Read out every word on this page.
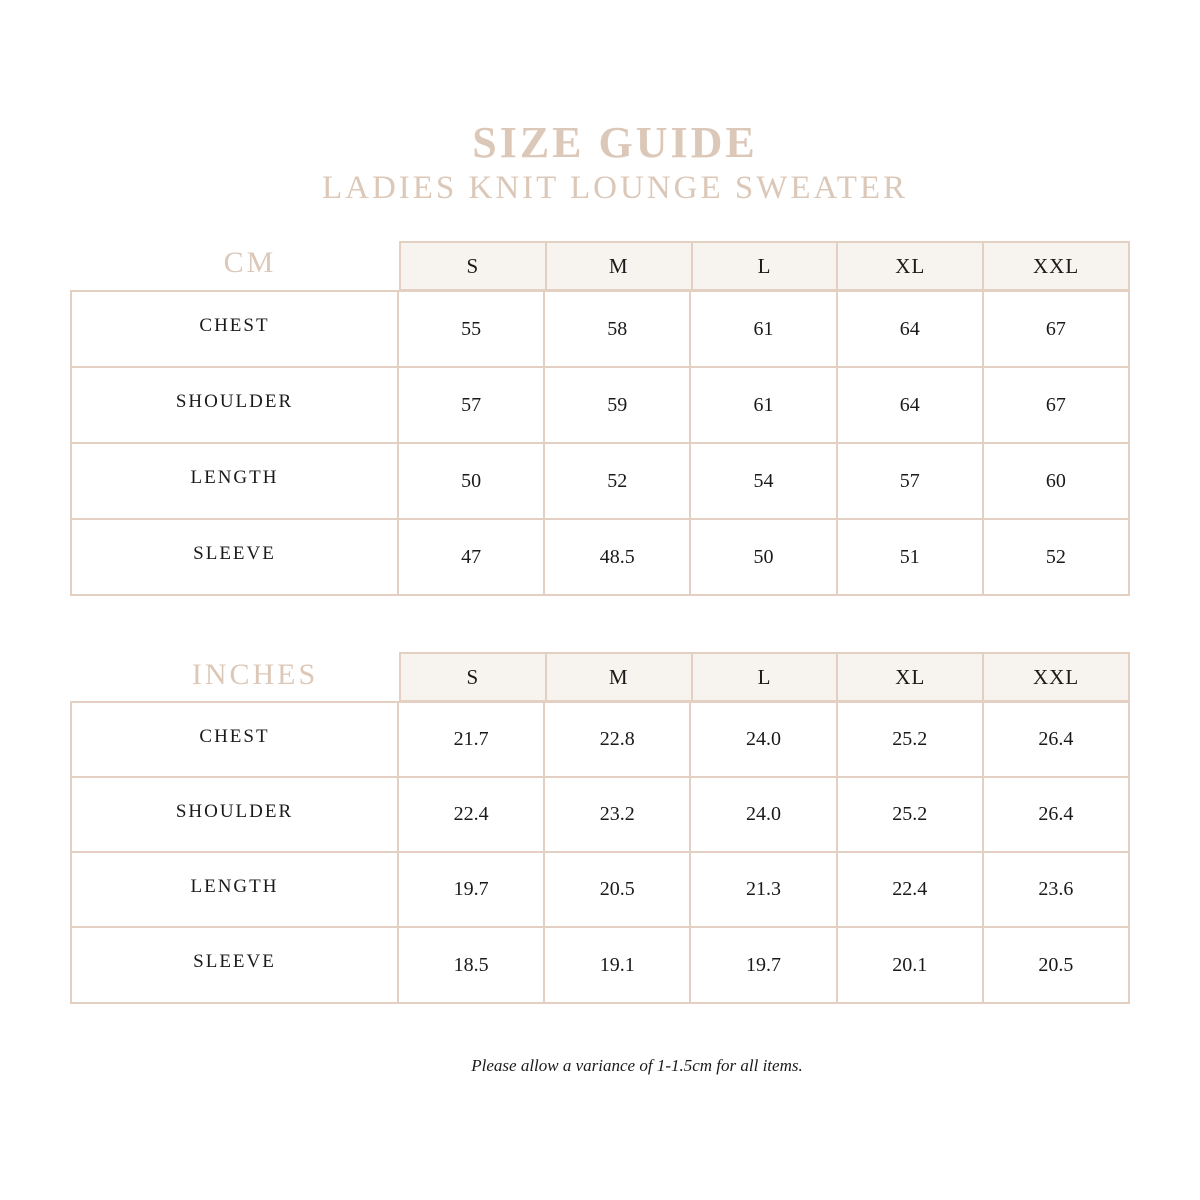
SIZE GUIDE
LADIES KNIT LOUNGE SWEATER
CM	S	M	L	XL	XXL
CHEST	55	58	61	64	67
SHOULDER	57	59	61	64	67
LENGTH	50	52	54	57	60
SLEEVE	47	48.5	50	51	52
INCHES	S	M	L	XL	XXL
CHEST	21.7	22.8	24.0	25.2	26.4
SHOULDER	22.4	23.2	24.0	25.2	26.4
LENGTH	19.7	20.5	21.3	22.4	23.6
SLEEVE	18.5	19.1	19.7	20.1	20.5
Please allow a variance of 1-1.5cm for all items.
